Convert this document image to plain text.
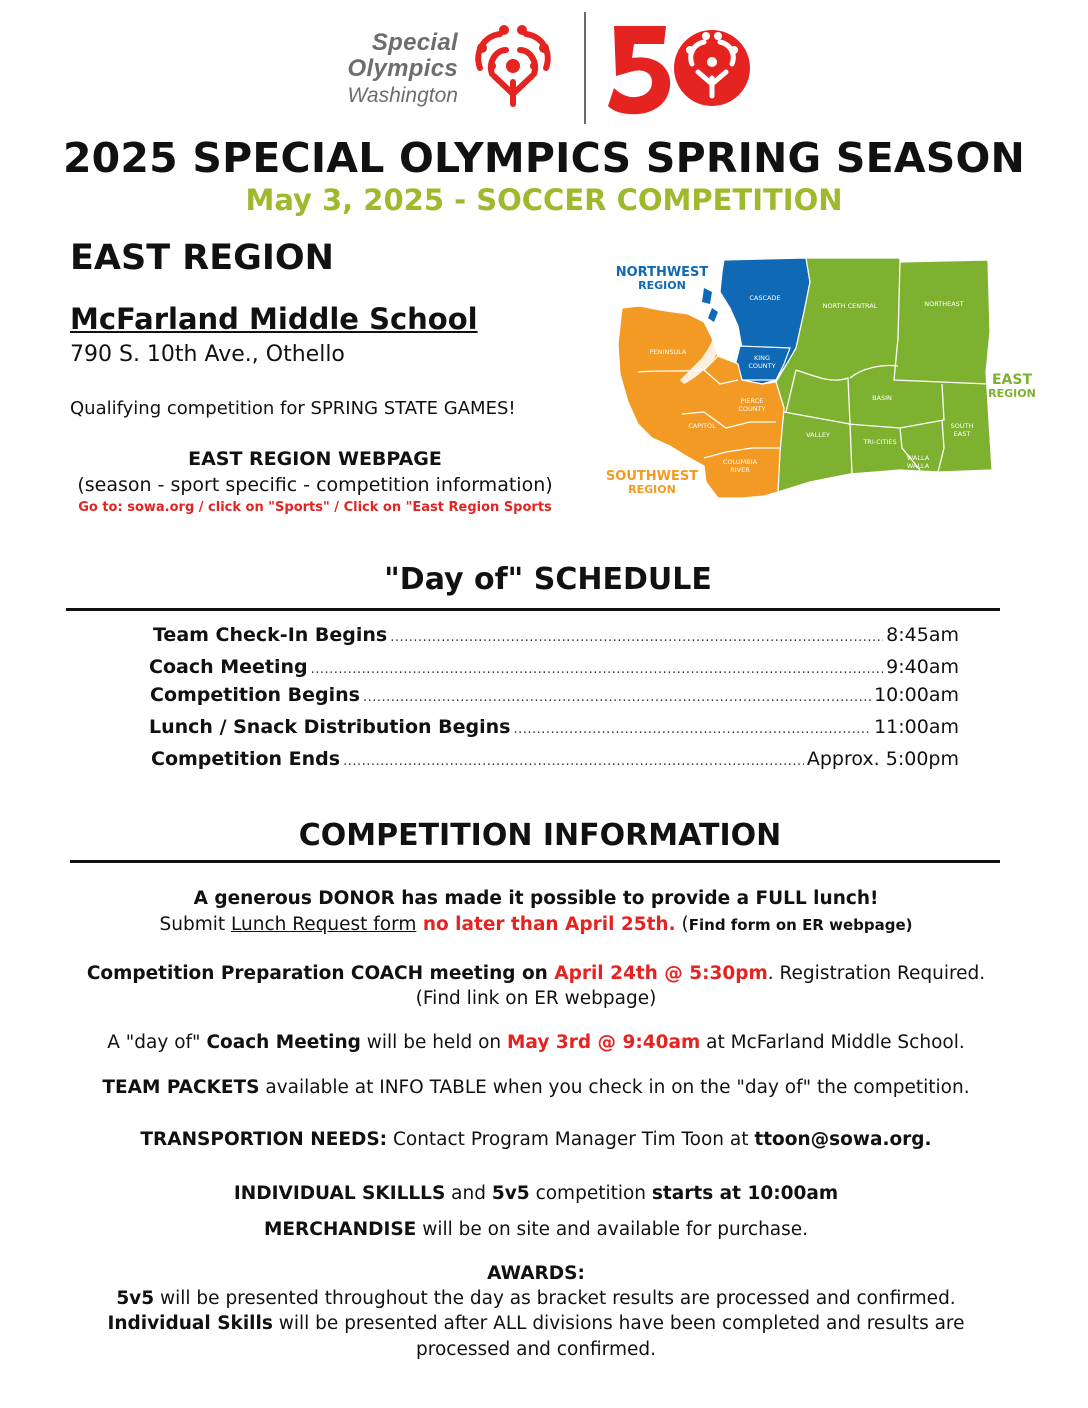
Special
Olympics
Washington
2025 SPECIAL OLYMPICS SPRING SEASON
May 3, 2025 - SOCCER COMPETITION
EAST REGION
McFarland Middle School
790 S. 10th Ave., Othello
Qualifying competition for SPRING STATE GAMES!
EAST REGION WEBPAGE
(season - sport specific - competition information)
Go to: sowa.org / click on "Sports" / Click on "East Region Sports
NORTHWEST
REGION
EAST
REGION
SOUTHWEST
REGION
CASCADE
KING
COUNTY
NORTH CENTRAL	NORTHEAST
PENINSULA
PIERCE
COUNTY
CAPITOL
BASIN
VALLEY
TRI-CITIES
SOUTH
EAST
WALLA
WALLA
COLUMBIA
RIVER
"Day of" SCHEDULE
Team Check-In Begins .....	8:45am
Coach Meeting .....	9:40am
Competition Begins .....	10:00am
Lunch / Snack Distribution Begins .....	11:00am
Competition Ends .....	Approx. 5:00pm
COMPETITION INFORMATION
A generous DONOR has made it possible to provide a FULL lunch!
Submit Lunch Request form no later than April 25th. (Find form on ER webpage)
Competition Preparation COACH meeting on April 24th @ 5:30pm. Registration Required.
(Find link on ER webpage)
A "day of" Coach Meeting will be held on May 3rd @ 9:40am at McFarland Middle School.
TEAM PACKETS available at INFO TABLE when you check in on the "day of" the competition.
TRANSPORTION NEEDS: Contact Program Manager Tim Toon at ttoon@sowa.org.
INDIVIDUAL SKILLLS and 5v5 competition starts at 10:00am
MERCHANDISE will be on site and available for purchase.
AWARDS:
5v5 will be presented throughout the day as bracket results are processed and confirmed.
Individual Skills will be presented after ALL divisions have been completed and results are
processed and confirmed.
